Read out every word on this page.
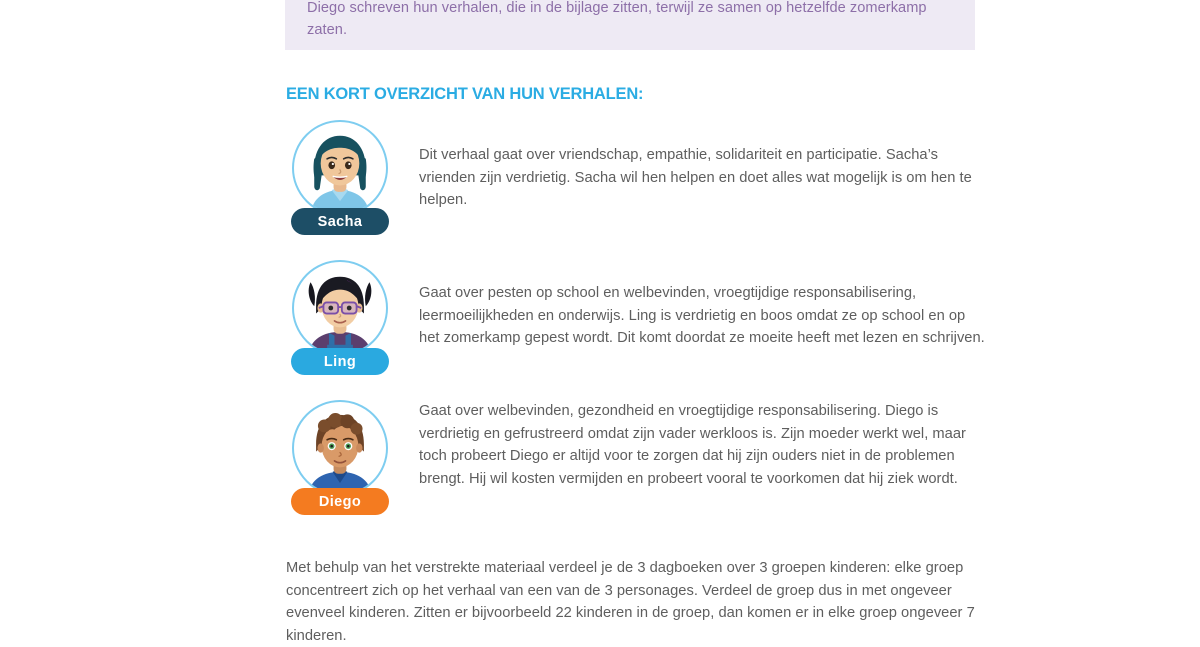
Diego schreven hun verhalen, die in de bijlage zitten, terwijl ze samen op hetzelfde zomerkamp zaten.

EEN KORT OVERZICHT VAN HUN VERHALEN:
Sacha
Dit verhaal gaat over vriendschap, empathie, solidariteit en participatie. Sacha’s vrienden zijn verdrietig. Sacha wil hen helpen en doet alles wat mogelijk is om hen te helpen.
Ling
Gaat over pesten op school en welbevinden, vroegtijdige responsabilisering, leermoeilijkheden en onderwijs. Ling is verdrietig en boos omdat ze op school en op het zomerkamp gepest wordt. Dit komt doordat ze moeite heeft met lezen en schrijven.
Diego
Gaat over welbevinden, gezondheid en vroegtijdige responsabilisering. Diego is verdrietig en gefrustreerd omdat zijn vader werkloos is. Zijn moeder werkt wel, maar toch probeert Diego er altijd voor te zorgen dat hij zijn ouders niet in de problemen brengt. Hij wil kosten vermijden en probeert vooral te voorkomen dat hij ziek wordt.
Met behulp van het verstrekte materiaal verdeel je de 3 dagboeken over 3 groepen kinderen: elke groep concentreert zich op het verhaal van een van de 3 personages. Verdeel de groep dus in met ongeveer evenveel kinderen. Zitten er bijvoorbeeld 22 kinderen in de groep, dan komen er in elke groep ongeveer 7 kinderen.
